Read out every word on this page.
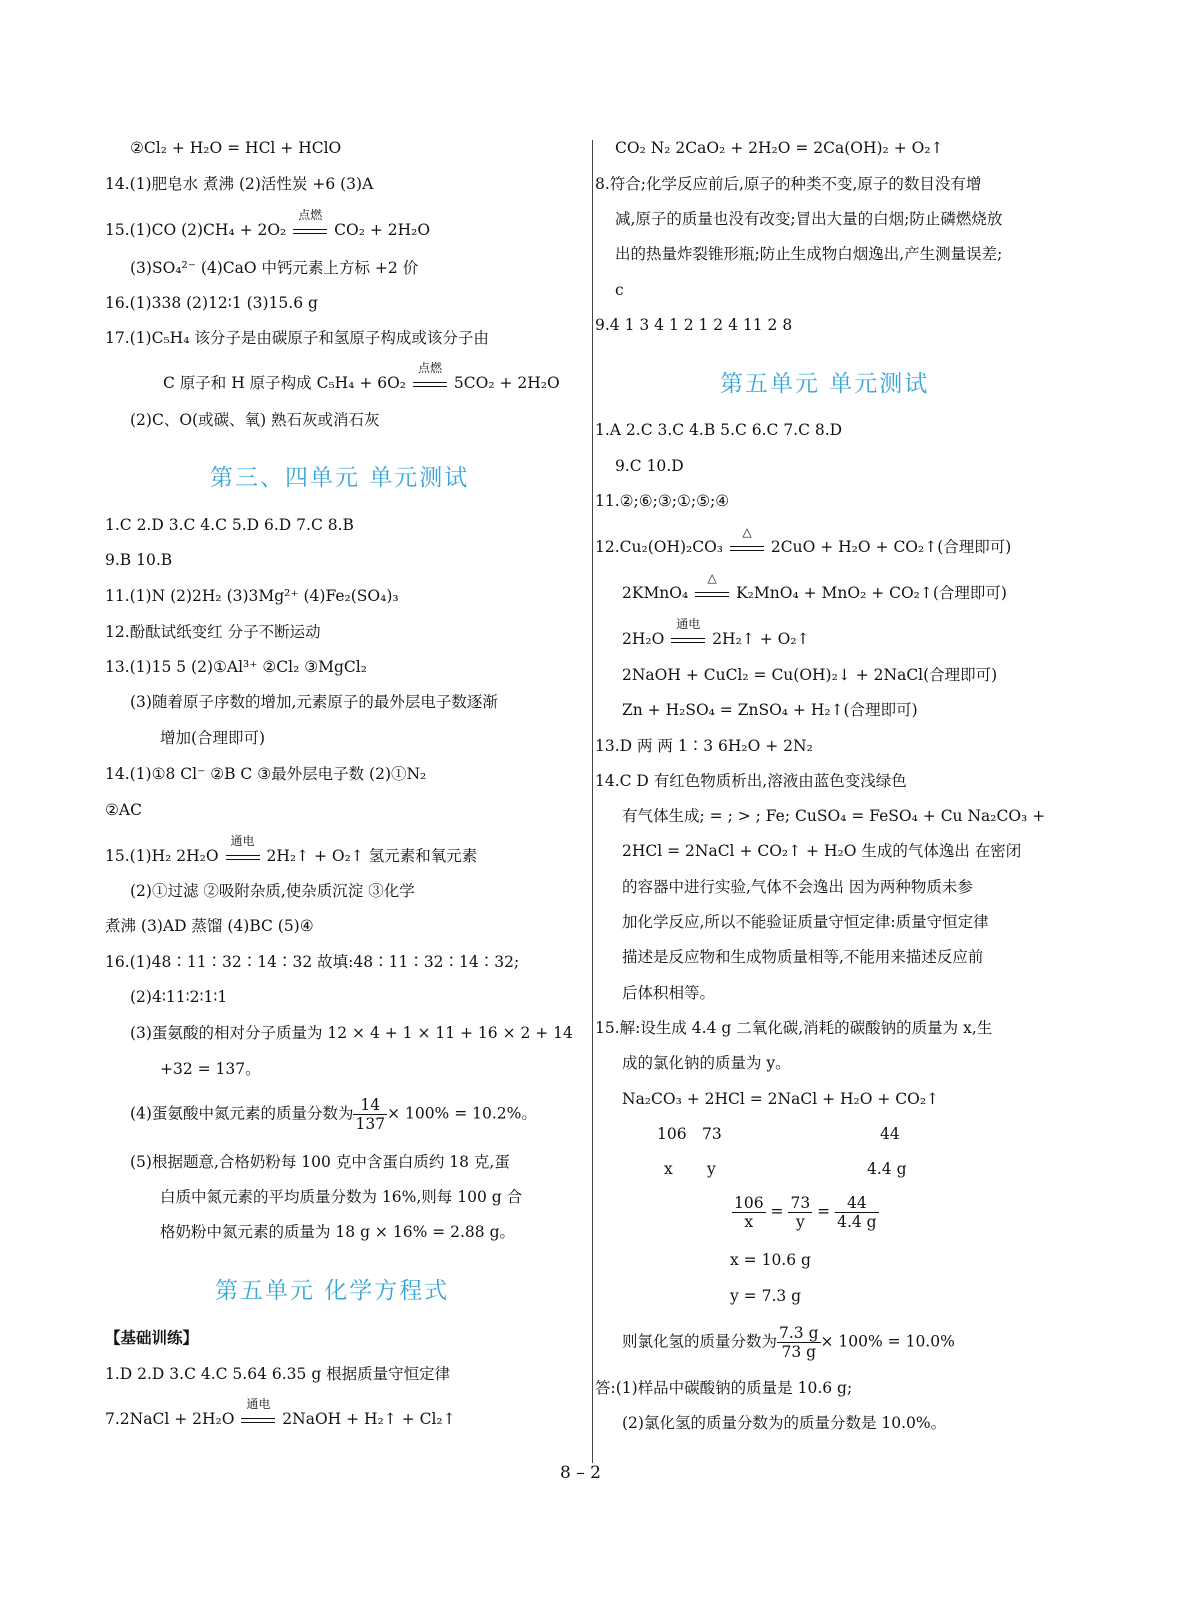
②Cl₂ + H₂O = HCl + HClO
14.(1)肥皂水 煮沸 (2)活性炭 +6 (3)A
15.(1)CO (2)CH₄ + 2O₂
点燃
CO₂ + 2H₂O
(3)SO₄²⁻ (4)CaO 中钙元素上方标 +2 价
16.(1)338 (2)12∶1 (3)15.6 g
17.(1)C₅H₄ 该分子是由碳原子和氢原子构成或该分子由
C 原子和 H 原子构成 C₅H₄ + 6O₂
点燃
5CO₂ + 2H₂O
(2)C、O(或碳、氧) 熟石灰或消石灰
第三、四单元 单元测试
1.C 2.D 3.C 4.C 5.D 6.D 7.C 8.B
9.B 10.B
11.(1)N (2)2H₂ (3)3Mg²⁺ (4)Fe₂(SO₄)₃
12.酚酞试纸变红 分子不断运动
13.(1)15 5 (2)①Al³⁺ ②Cl₂ ③MgCl₂
(3)随着原子序数的增加,元素原子的最外层电子数逐渐
增加(合理即可)
14.(1)①8 Cl⁻ ②B C ③最外层电子数 (2)①N₂
②AC
15.(1)H₂ 2H₂O
通电
2H₂↑ + O₂↑ 氢元素和氧元素
(2)①过滤 ②吸附杂质,使杂质沉淀 ③化学
煮沸 (3)AD 蒸馏 (4)BC (5)④
16.(1)48∶11∶32∶14∶32 故填:48∶11∶32∶14∶32;
(2)4∶11∶2∶1∶1
(3)蛋氨酸的相对分子质量为 12 × 4 + 1 × 11 + 16 × 2 + 14
+32 = 137。
(4)蛋氨酸中氮元素的质量分数为 $\frac{14}{137} \times 100\% = 10.2\%$。
(5)根据题意,合格奶粉每 100 克中含蛋白质约 18 克,蛋
白质中氮元素的平均质量分数为 16%,则每 100 g 合
格奶粉中氮元素的质量为 18 g × 16% = 2.88 g。
第五单元 化学方程式
【基础训练】
1.D 2.D 3.C 4.C 5.64 6.35 g 根据质量守恒定律
7.2NaCl + 2H₂O
通电
2NaOH + H₂↑ + Cl₂↑
CO₂ N₂ 2CaO₂ + 2H₂O = 2Ca(OH)₂ + O₂↑
8.符合;化学反应前后,原子的种类不变,原子的数目没有增
减,原子的质量也没有改变;冒出大量的白烟;防止磷燃烧放
出的热量炸裂锥形瓶;防止生成物白烟逸出,产生测量误差;
c
9.4 1 3 4 1 2 1 2 4 11 2 8
第五单元 单元测试
1.A 2.C 3.C 4.B 5.C 6.C 7.C 8.D
9.C 10.D
11.②;⑥;③;①;⑤;④
12.Cu₂(OH)₂CO₃
△
2CuO + H₂O + CO₂↑(合理即可)
2KMnO₄
△
K₂MnO₄ + MnO₂ + CO₂↑(合理即可)
2H₂O
通电
2H₂↑ + O₂↑
2NaOH + CuCl₂ = Cu(OH)₂↓ + 2NaCl(合理即可)
Zn + H₂SO₄ = ZnSO₄ + H₂↑(合理即可)
13.D 两 两 1∶3 6H₂O + 2N₂
14.C D 有红色物质析出,溶液由蓝色变浅绿色
有气体生成; = ; > ; Fe; CuSO₄ = FeSO₄ + Cu Na₂CO₃ +
2HCl = 2NaCl + CO₂↑ + H₂O 生成的气体逸出 在密闭
的容器中进行实验,气体不会逸出 因为两种物质未参
加化学反应,所以不能验证质量守恒定律:质量守恒定律
描述是反应物和生成物质量相等,不能用来描述反应前
后体积相等。
15.解:设生成 4.4 g 二氧化碳,消耗的碳酸钠的质量为 x,生
成的氯化钠的质量为 y。
Na₂CO₃ + 2HCl = 2NaCl + H₂O + CO₂↑
106 73	44
x y	4.4 g
$\frac{106}{x} = \frac{73}{y} = \frac{44}{4.4 g}$
x = 10.6 g
y = 7.3 g
则氯化氢的质量分数为 $\frac{7.3 g}{73 g} \times 100\% = 10.0\%$
答:(1)样品中碳酸钠的质量是 10.6 g;
(2)氯化氢的质量分数为的质量分数是 10.0%。
8 – 2
